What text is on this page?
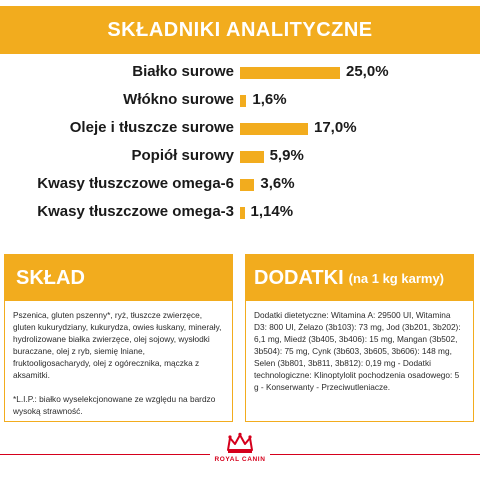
SKŁADNIKI ANALITYCZNE
Białko surowe	25,0%
Włókno surowe 1,6%
Oleje i tłuszcze surowe	17,0%
Popiół surowy 5,9%
Kwasy tłuszczowe omega-6 3,6%
Kwasy tłuszczowe omega-3 1,14%
SKŁAD

Pszenica, gluten pszenny*, ryż, tłuszcze zwierzęce, gluten kukurydziany, kukurydza, owies łuskany, minerały, hydrolizowane białka zwierzęce, olej sojowy, wysłodki buraczane, olej z ryb, siemię lniane, fruktooligosacharydy, olej z ogórecznika, mączka z aksamitki.

*L.I.P.: białko wyselekcjonowane ze względu na bardzo wysoką strawność.

DODATKI (na 1 kg karmy)

Dodatki dietetyczne: Witamina A: 29500 UI, Witamina D3: 800 UI, Żelazo (3b103): 73 mg, Jod (3b201, 3b202): 6,1 mg, Miedź (3b405, 3b406): 15 mg, Mangan (3b502, 3b504): 75 mg, Cynk (3b603, 3b605, 3b606): 148 mg, Selen (3b801, 3b811, 3b812): 0,19 mg - Dodatki technologiczne: Klinoptylolit pochodzenia osadowego: 5 g - Konserwanty - Przeciwutleniacze.

ROYAL CANIN
